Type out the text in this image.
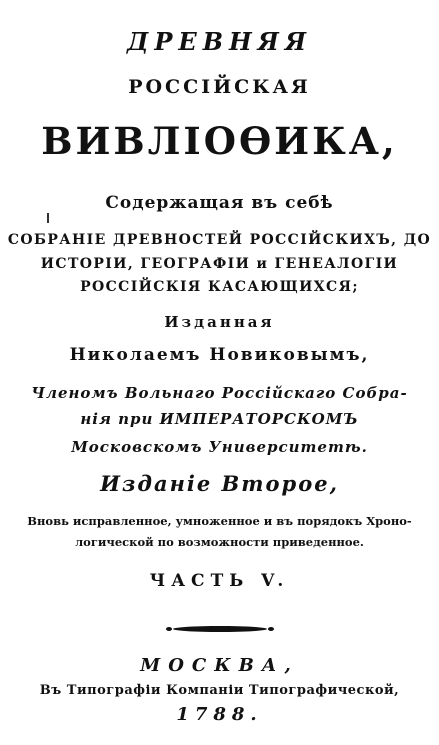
ДРЕВНЯЯ
РОССІЙСКАЯ
ВИВЛІОѲИКА,
Содержащая въ себѣ
СОБРАНІЕ ДРЕВНОСТЕЙ РОССІЙСКИХЪ, ДО
ИСТОРІИ, ГЕОГРАФІИ и ГЕНЕАЛОГІИ
РОССІЙСКІЯ КАСАЮЩИХСЯ;
Изданная
Николаемъ Новиковымъ,
Членомъ Вольнаго Россійскаго Собра-
нія при ИМПЕРАТОРСКОМЪ
Московскомъ Университетѣ.
Изданіе Второе,
Вновь исправленное, умноженное и въ порядокъ Хроно-
логической по возможности приведенное.
ЧАСТЬ V.
МОСКВА,
Въ Типографіи Компаніи Типографической,
1788.
